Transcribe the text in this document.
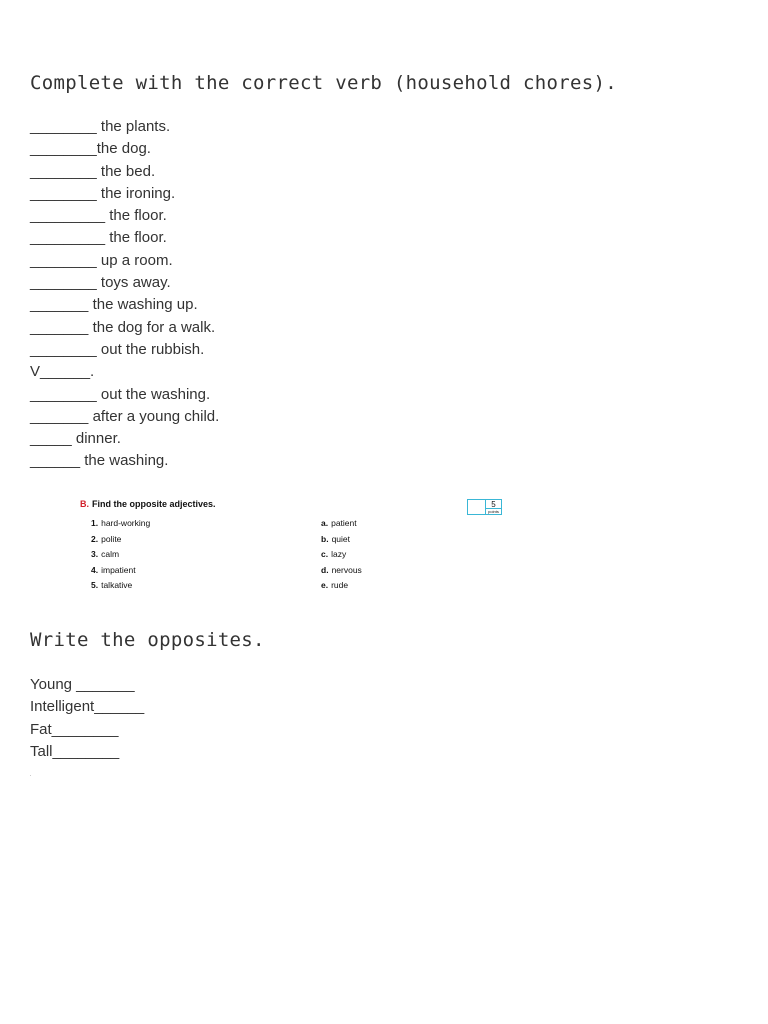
Complete with the correct verb (household chores).
________ the plants.
________the dog.
________ the bed.
________ the ironing.
_________ the floor.
_________ the floor.
________ up a room.
________ toys away.
_______ the washing up.
_______ the dog for a walk.
________ out the rubbish.
V______.
________ out the washing.
_______ after a young child.
_____ dinner.
______ the washing.
B. Find the opposite adjectives.
1. hard-working
2. polite
3. calm
4. impatient
5. talkative
a. patient
b. quiet
c. lazy
d. nervous
e. rude
5
points
Write the opposites.
Young _______
Intelligent______
Fat________
Tall________
